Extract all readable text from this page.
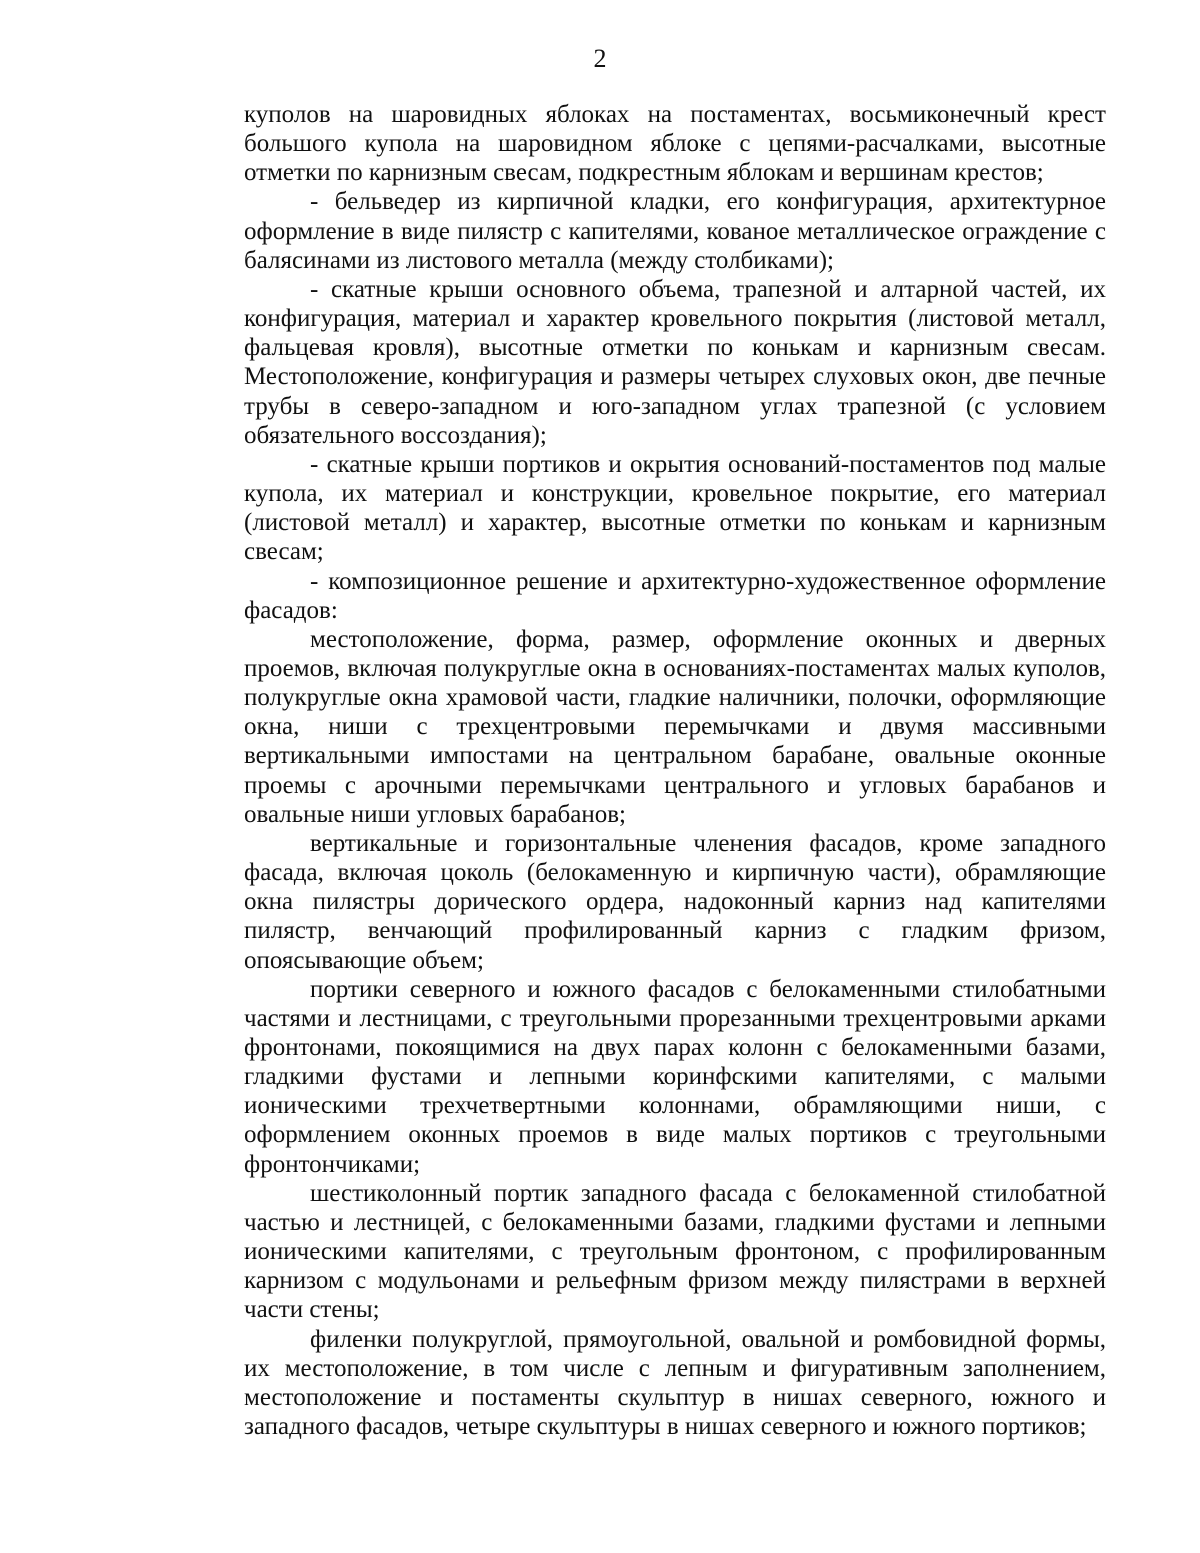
2

куполов на шаровидных яблоках на постаментах, восьмиконечный крест большого купола на шаровидном яблоке с цепями-расчалками, высотные отметки по карнизным свесам, подкрестным яблокам и вершинам крестов;

- бельведер из кирпичной кладки, его конфигурация, архитектурное оформление в виде пилястр с капителями, кованое металлическое ограждение с балясинами из листового металла (между столбиками);

- скатные крыши основного объема, трапезной и алтарной частей, их конфигурация, материал и характер кровельного покрытия (листовой металл, фальцевая кровля), высотные отметки по конькам и карнизным свесам. Местоположение, конфигурация и размеры четырех слуховых окон, две печные трубы в северо-западном и юго-западном углах трапезной (с условием обязательного воссоздания);

- скатные крыши портиков и окрытия оснований-постаментов под малые купола, их материал и конструкции, кровельное покрытие, его материал (листовой металл) и характер, высотные отметки по конькам и карнизным свесам;

- композиционное решение и архитектурно-художественное оформление фасадов:

местоположение, форма, размер, оформление оконных и дверных проемов, включая полукруглые окна в основаниях-постаментах малых куполов, полукруглые окна храмовой части, гладкие наличники, полочки, оформляющие окна, ниши с трехцентровыми перемычками и двумя массивными вертикальными импостами на центральном барабане, овальные оконные проемы с арочными перемычками центрального и угловых барабанов и овальные ниши угловых барабанов;

вертикальные и горизонтальные членения фасадов, кроме западного фасада, включая цоколь (белокаменную и кирпичную части), обрамляющие окна пилястры дорического ордера, надоконный карниз над капителями пилястр, венчающий профилированный карниз с гладким фризом, опоясывающие объем;

портики северного и южного фасадов с белокаменными стилобатными частями и лестницами, с треугольными прорезанными трехцентровыми арками фронтонами, покоящимися на двух парах колонн с белокаменными базами, гладкими фустами и лепными коринфскими капителями, с малыми ионическими трехчетвертными колоннами, обрамляющими ниши, с оформлением оконных проемов в виде малых портиков с треугольными фронтончиками;

шестиколонный портик западного фасада с белокаменной стилобатной частью и лестницей, с белокаменными базами, гладкими фустами и лепными ионическими капителями, с треугольным фронтоном, с профилированным карнизом с модульонами и рельефным фризом между пилястрами в верхней части стены;

филенки полукруглой, прямоугольной, овальной и ромбовидной формы, их местоположение, в том числе с лепным и фигуративным заполнением, местоположение и постаменты скульптур в нишах северного, южного и западного фасадов, четыре скульптуры в нишах северного и южного портиков;
